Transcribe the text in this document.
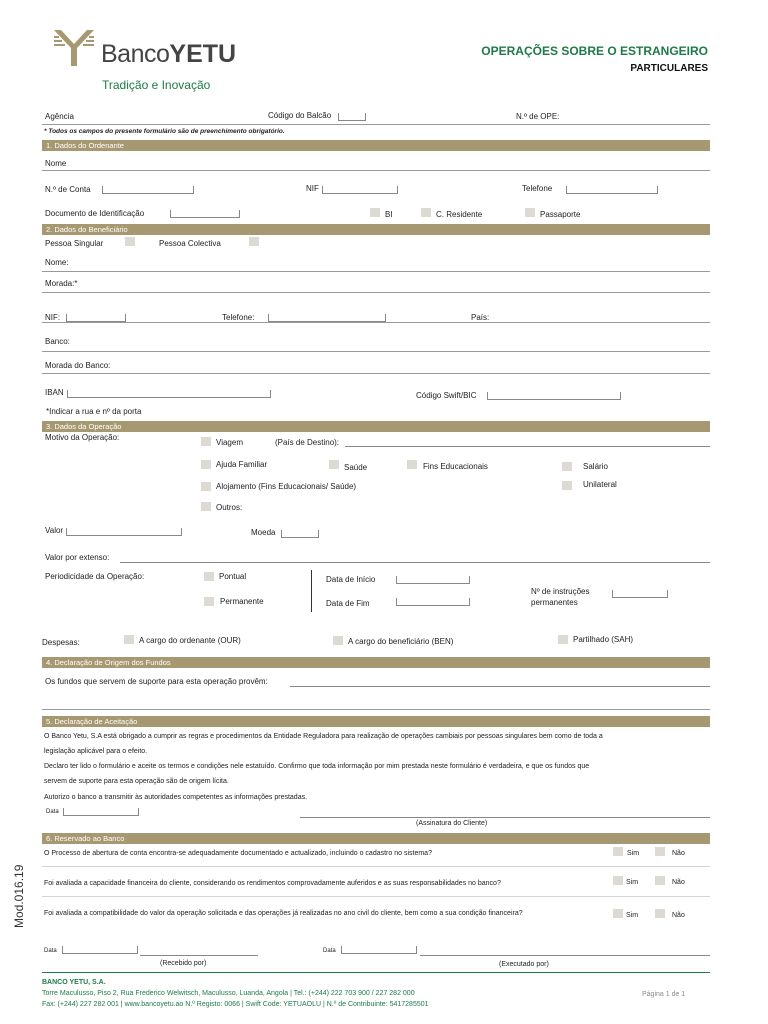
BancoYETU
Tradição e Inovação
OPERAÇÕES SOBRE O ESTRANGEIRO
PARTICULARES
Agência	Código do Balcão	N.º de OPE:
* Todos os campos do presente formulário são de preenchimento obrigatório.
1. Dados do Ordenante
Nome
N.º de Conta	NIF	Telefone
Documento de Identificação	BI	C. Residente	Passaporte
2. Dados do Beneficiário
Pessoa Singular	Pessoa Colectiva
Nome:
Morada:*
NIF:	Telefone:	País:
Banco:
Morada do Banco:
IBAN	Código Swift/BIC
*Indicar a rua e nº da porta
3. Dados da Operação
Motivo da Operação:
Viagem	(País de Destino):
Ajuda Familiar	Saúde	Fins Educacionais	Salário
Alojamento (Fins Educacionais/ Saúde)	Unilateral
Outros:
Valor	Moeda
Valor por extenso:
Periodicidade da Operação:	Pontual
Permanente
Data de Início
Data de Fim
Nº de instruções
permanentes
Despesas:	A cargo do ordenante (OUR)	A cargo do beneficiário (BEN)	Partilhado (SAH)
4. Declaração de Origem dos Fundos
Os fundos que servem de suporte para esta operação provêm:
5. Declaração de Aceitação
O Banco Yetu, S.A está obrigado a cumprir as regras e procedimentos da Entidade Reguladora para realização de operações cambiais por pessoas singulares bem como de toda a
legislação aplicável para o efeito.
Declaro ter lido o formulário e aceite os termos e condições nele estatuído. Confirmo que toda informação por mim prestada neste formulário é verdadeira, e que os fundos que
servem de suporte para esta operação são de origem lícita.
Autorizo o banco a transmitir às autoridades competentes as informações prestadas.
Data
(Assinatura do Cliente)
6. Reservado ao Banco
O Processo de abertura de conta encontra-se adequadamente documentado e actualizado, incluindo o cadastro no sistema?	Sim	Não
Foi avaliada a capacidade financeira do cliente, considerando os rendimentos comprovadamente auferidos e as suas responsabilidades no banco?	Sim	Não
Foi avaliada a compatibilidade do valor da operação solicitada e das operações já realizadas no ano civil do cliente, bem como a sua condição financeira?	Sim	Não
Data
(Recebido por)
Data
(Executado por)
Mod.016.19
BANCO YETU, S.A.
Torre Maculusso, Piso 2, Rua Frederico Welwitsch, Maculusso, Luanda, Angola | Tel.: (+244) 222 703 900 / 227 282 000
Fax: (+244) 227 282 001 | www.bancoyetu.ao N.º Registo: 0066 | Swift Code: YETUAOLU | N.º de Contribuinte: 5417285501
Página 1 de 1
